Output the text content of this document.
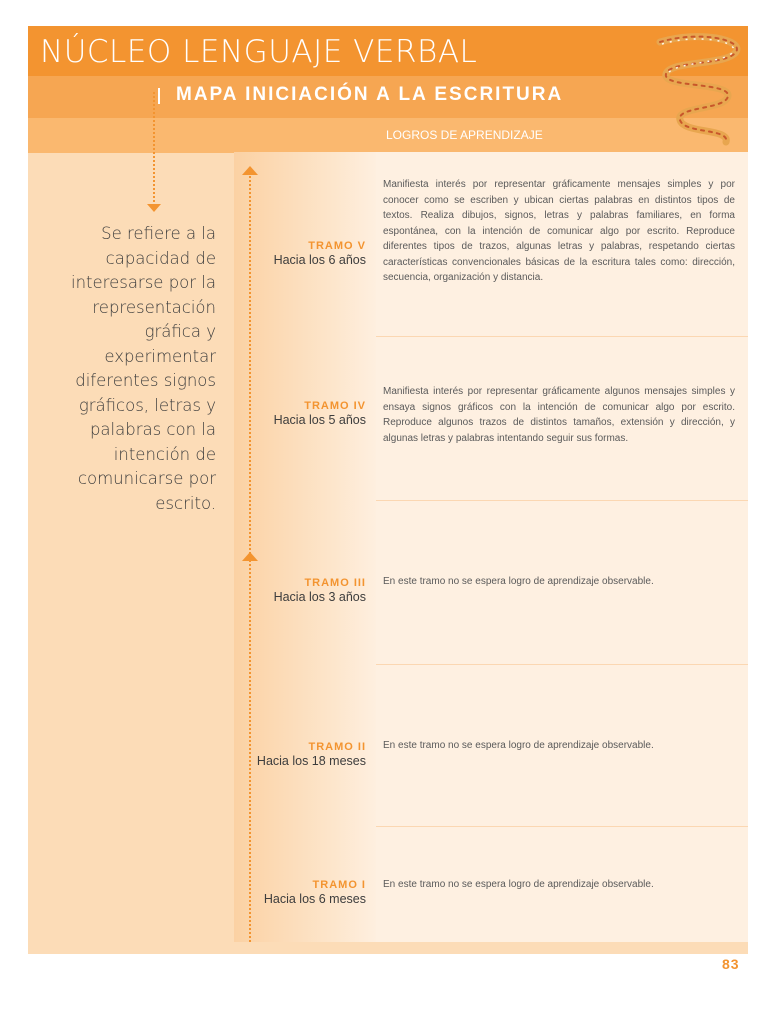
NÚCLEO LENGUAJE VERBAL
MAPA INICIACIÓN A LA ESCRITURA
LOGROS DE APRENDIZAJE
Se refiere a la capacidad de interesarse por la representación gráfica y experimentar diferentes signos gráficos, letras y palabras con la intención de comunicarse por escrito.
TRAMO V
Hacia los 6 años
TRAMO IV
Hacia los 5 años
TRAMO III
Hacia los 3 años
TRAMO II
Hacia los 18 meses
TRAMO I
Hacia los 6 meses
Manifiesta interés por representar gráficamente mensajes simples y por conocer como se escriben y ubican ciertas palabras en distintos tipos de textos. Realiza dibujos, signos, letras y palabras familiares, en forma espontánea, con la intención de comunicar algo por escrito. Reproduce diferentes tipos de trazos, algunas letras y palabras, respetando ciertas características convencionales básicas de la escritura tales como: dirección, secuencia, organización y distancia.
Manifiesta interés por representar gráficamente algunos mensajes simples y ensaya signos gráficos con la intención de comunicar algo por escrito. Reproduce algunos trazos de distintos tamaños, extensión y dirección, y algunas letras y palabras intentando seguir sus formas.
En este tramo no se espera logro de aprendizaje observable.
En este tramo no se espera logro de aprendizaje observable.
En este tramo no se espera logro de aprendizaje observable.
83
